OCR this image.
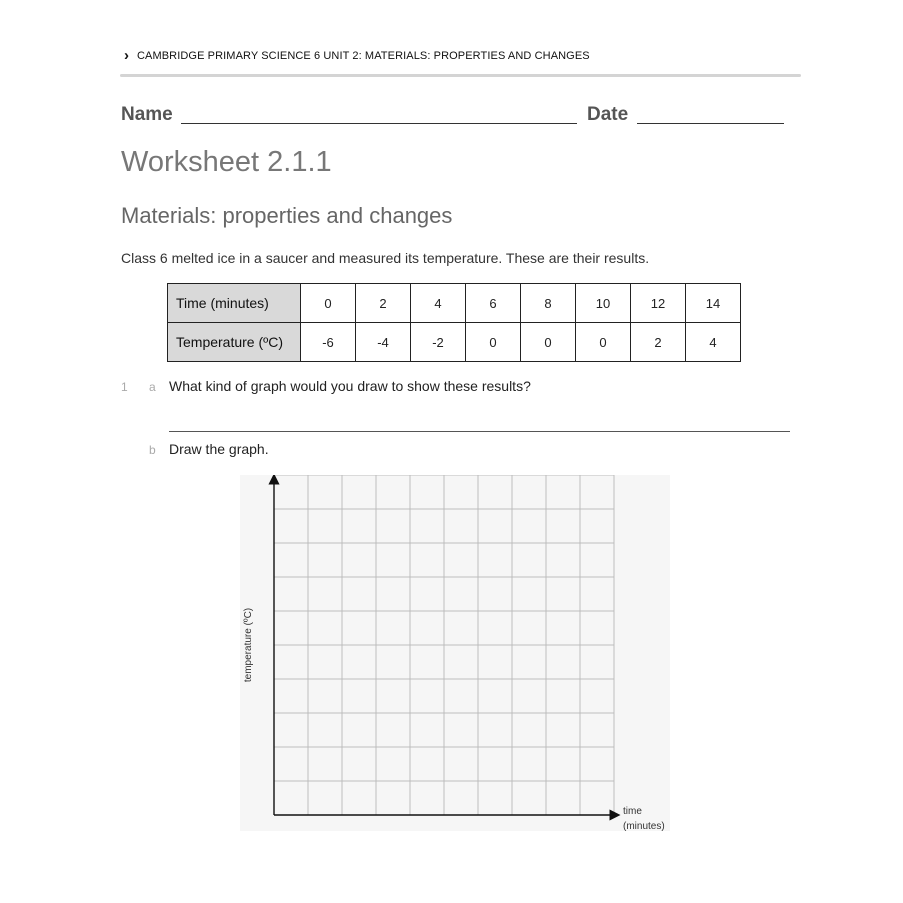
› CAMBRIDGE PRIMARY SCIENCE 6 UNIT 2: MATERIALS: PROPERTIES AND CHANGES
Name	Date
Worksheet 2.1.1
Materials: properties and changes
Class 6 melted ice in a saucer and measured its temperature. These are their results.
Time (minutes)	0	2	4	6	8	10	12	14
Temperature (ºC)	-6	-4	-2	0	0	0	2	4
1 a What kind of graph would you draw to show these results?
b Draw the graph.
temperature (ºC)
time
(minutes)
